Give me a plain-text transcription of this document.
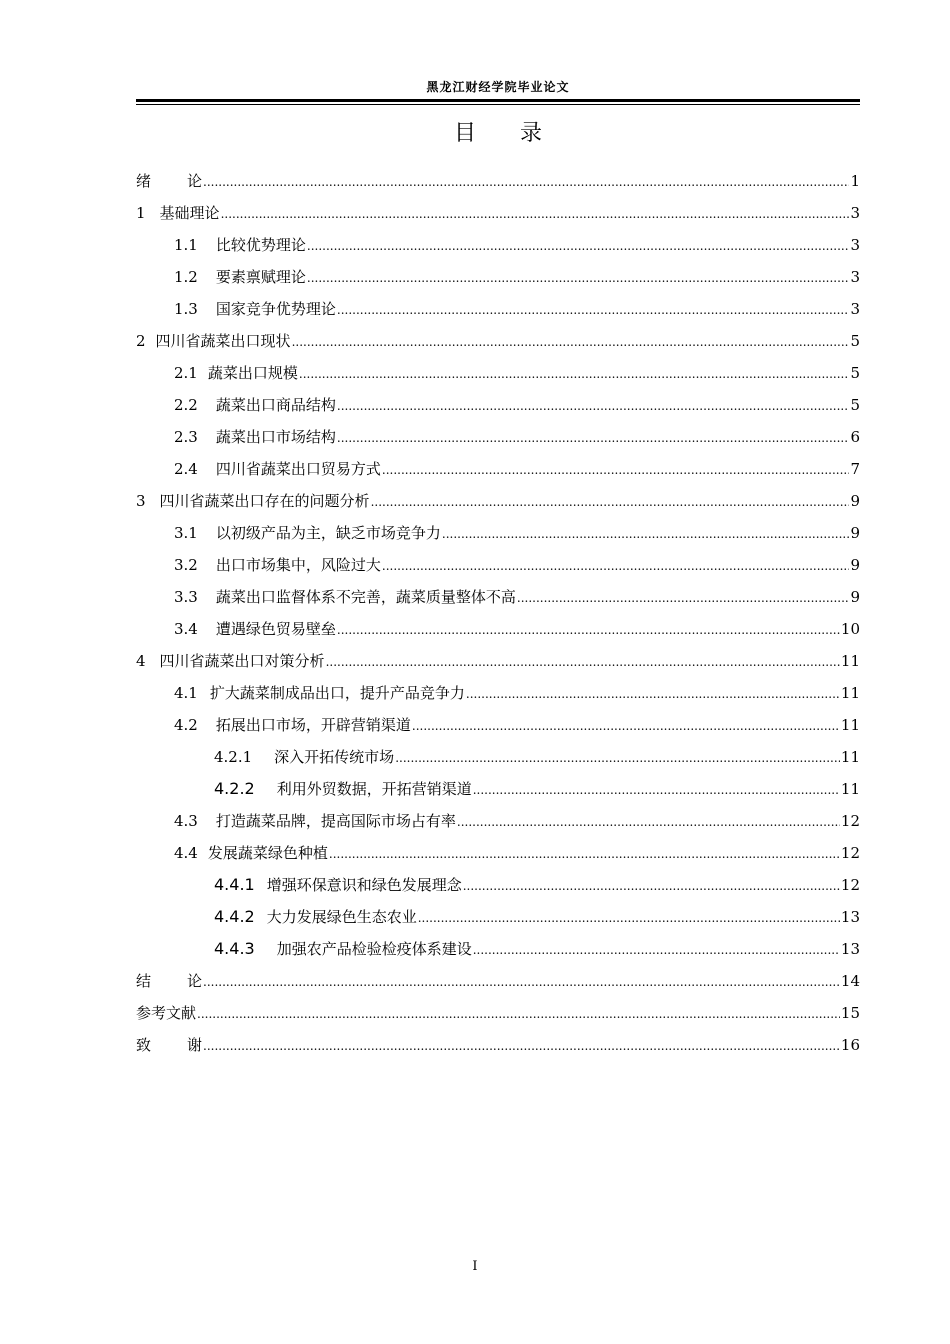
黑龙江财经学院毕业论文
目 录
绪 论 .....	1
1 基础理论 .....	3
1.1 比较优势理论 .....	3
1.2 要素禀赋理论 .....	3
1.3 国家竞争优势理论 .....	3
2 四川省蔬菜出口现状 .....	5
2.1 蔬菜出口规模 .....	5
2.2 蔬菜出口商品结构 .....	5
2.3 蔬菜出口市场结构 .....	6
2.4 四川省蔬菜出口贸易方式 .....	7
3 四川省蔬菜出口存在的问题分析 .....	9
3.1 以初级产品为主，缺乏市场竞争力 .....	9
3.2 出口市场集中，风险过大 .....	9
3.3 蔬菜出口监督体系不完善，蔬菜质量整体不高 .....	9
3.4 遭遇绿色贸易壁垒 .....	10
4 四川省蔬菜出口对策分析 .....	11
4.1 扩大蔬菜制成品出口，提升产品竞争力 .....	11
4.2 拓展出口市场，开辟营销渠道 .....	11
4.2.1 深入开拓传统市场 .....	11
4.2.2 利用外贸数据，开拓营销渠道 .....	11
4.3 打造蔬菜品牌，提高国际市场占有率 .....	12
4.4 发展蔬菜绿色种植 .....	12
4.4.1 增强环保意识和绿色发展理念 .....	12
4.4.2 大力发展绿色生态农业 .....	13
4.4.3 加强农产品检验检疫体系建设 .....	13
结 论 .....	14
参考文献 .....	15
致 谢 .....	16
I
